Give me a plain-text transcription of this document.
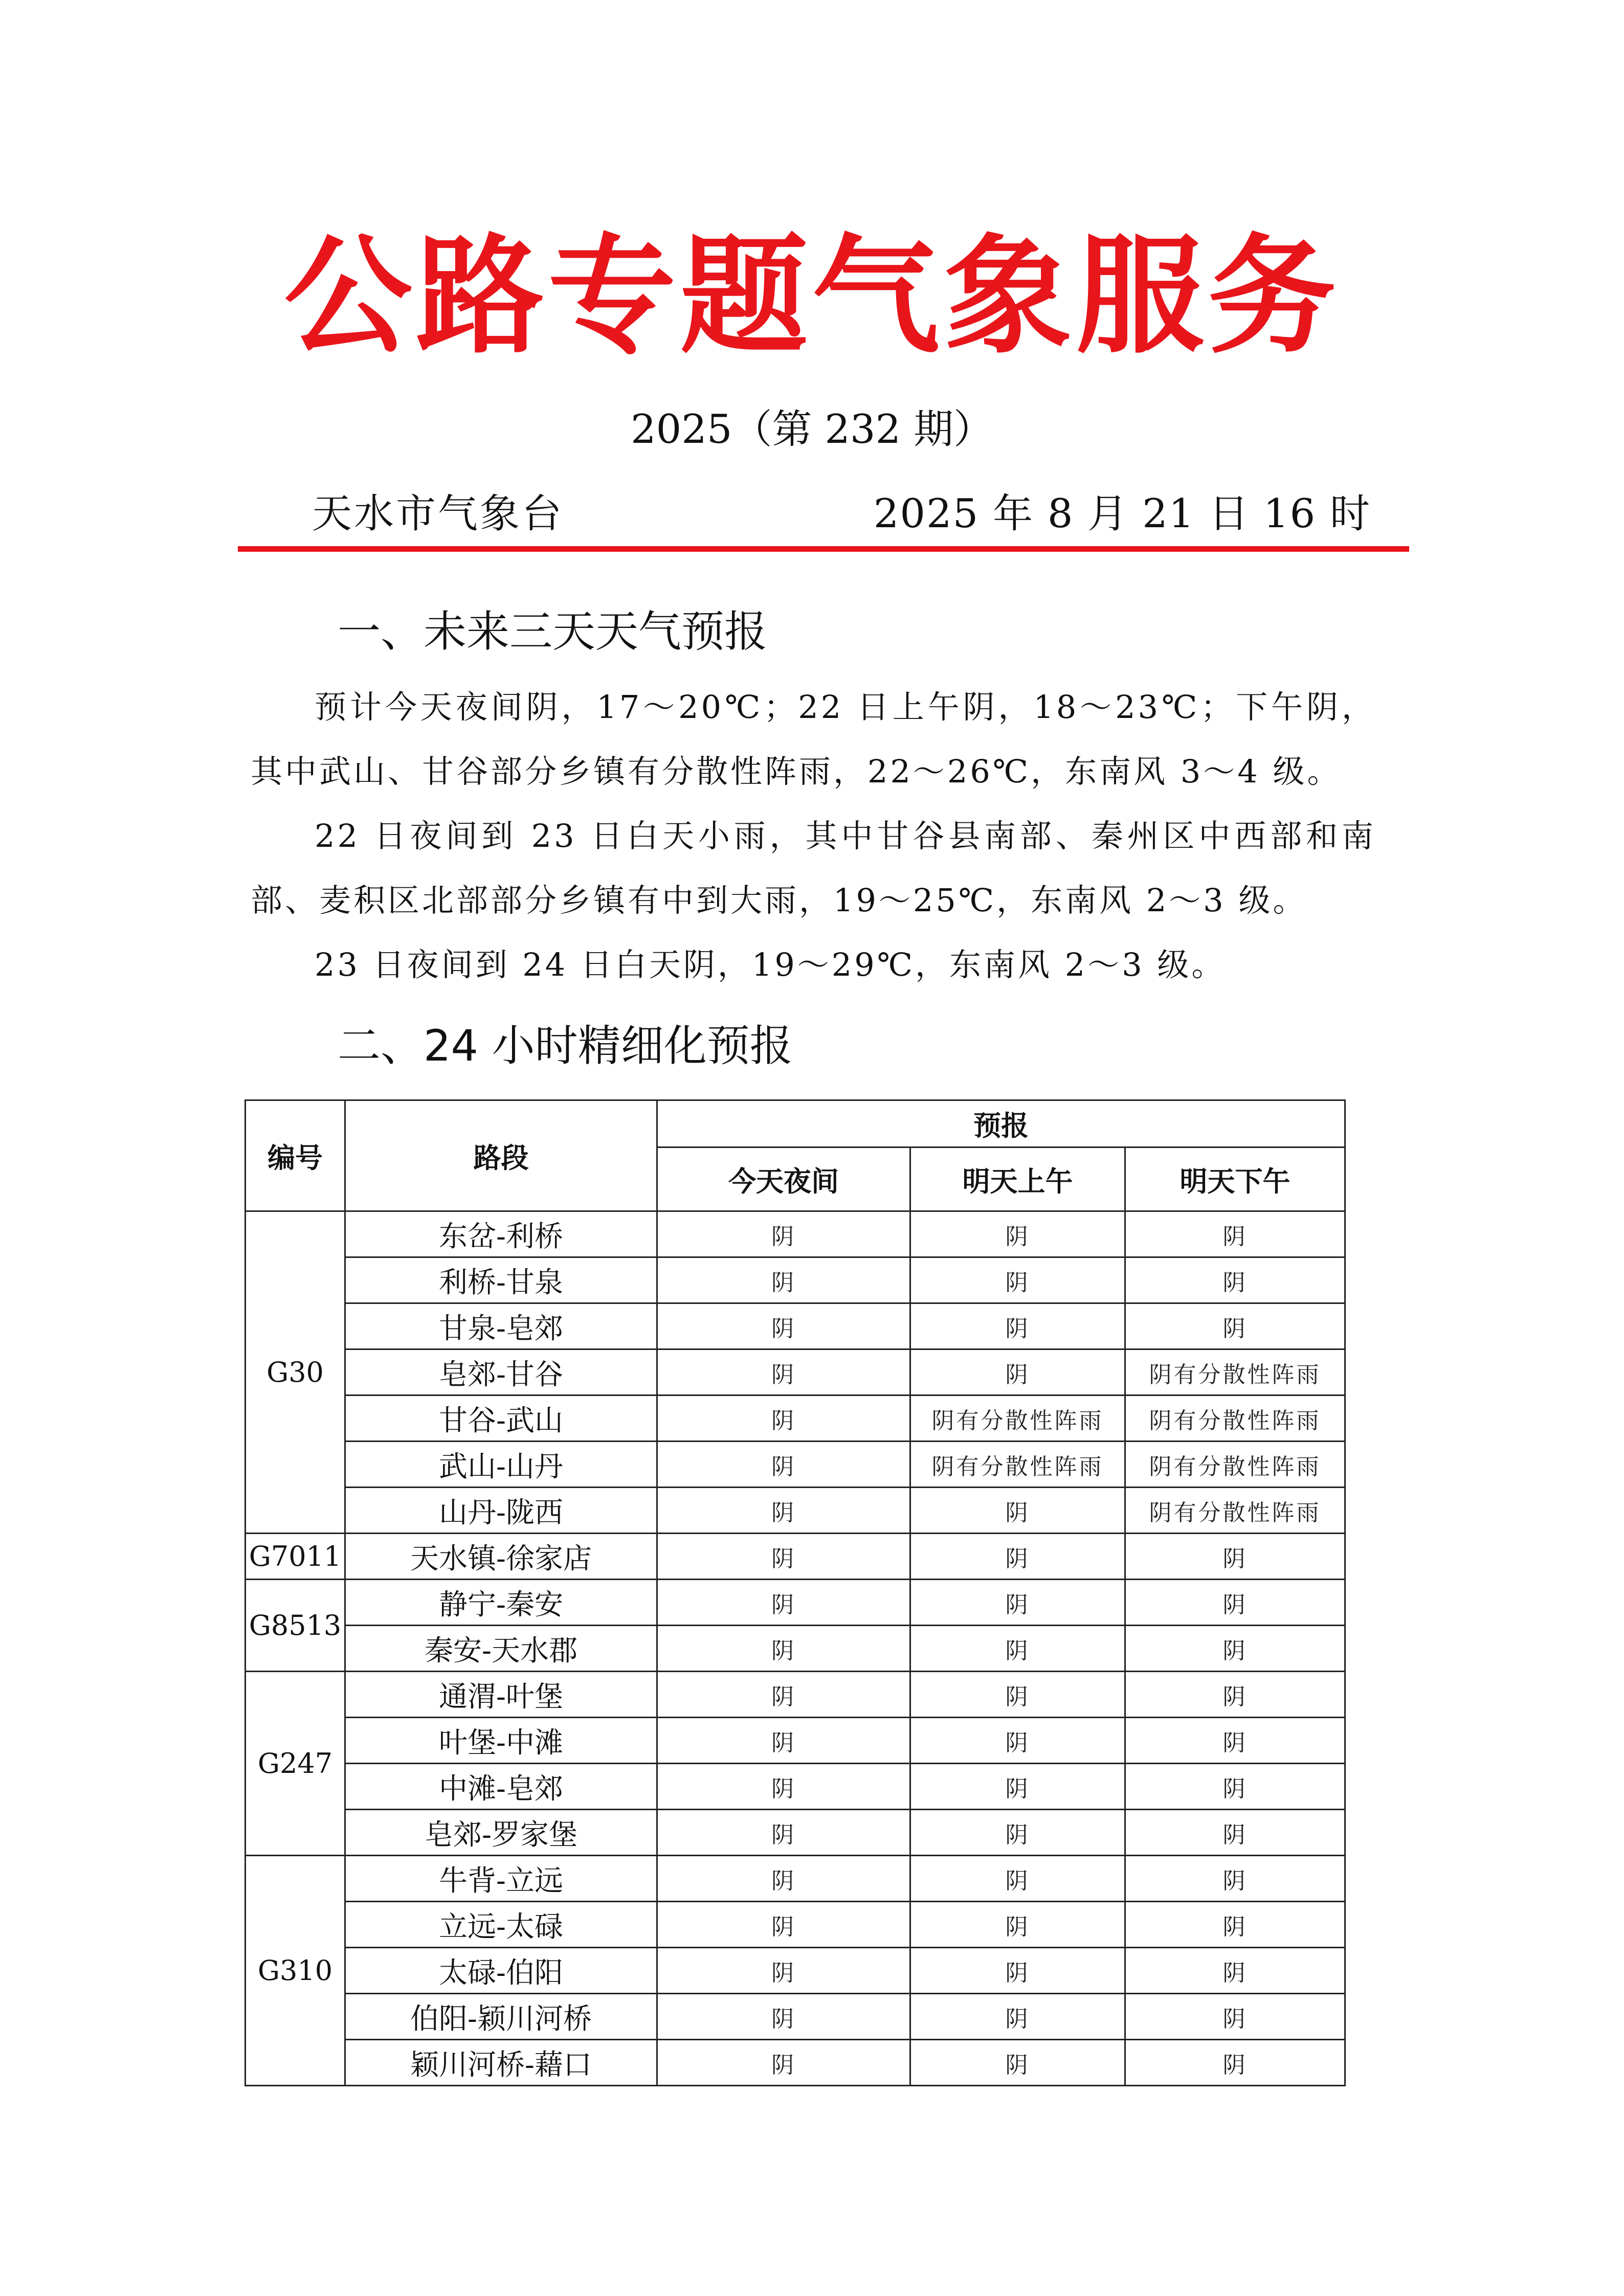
公路专题气象服务
2025（第 232 期）
天水市气象台	2025 年 8 月 21 日 16 时
一、未来三天天气预报
预计今天夜间阴，17～20℃；22 日上午阴，18～23℃；下午阴，其中武山、甘谷部分乡镇有分散性阵雨，22～26℃，东南风 3～4 级。
22 日夜间到 23 日白天小雨，其中甘谷县南部、秦州区中西部和南部、麦积区北部部分乡镇有中到大雨，19～25℃，东南风 2～3 级。
23 日夜间到 24 日白天阴，19～29℃，东南风 2～3 级。
二、24 小时精细化预报
编号	路段	预报		
		今天夜间	明天上午	明天下午
G30	东岔-利桥	阴	阴	阴
	利桥-甘泉	阴	阴	阴
	甘泉-皂郊	阴	阴	阴
	皂郊-甘谷	阴	阴	阴有分散性阵雨
	甘谷-武山	阴	阴有分散性阵雨	阴有分散性阵雨
	武山-山丹	阴	阴有分散性阵雨	阴有分散性阵雨
	山丹-陇西	阴	阴	阴有分散性阵雨
G7011	天水镇-徐家店	阴	阴	阴
G8513	静宁-秦安	阴	阴	阴
	秦安-天水郡	阴	阴	阴
G247	通渭-叶堡	阴	阴	阴
	叶堡-中滩	阴	阴	阴
	中滩-皂郊	阴	阴	阴
	皂郊-罗家堡	阴	阴	阴
G310	牛背-立远	阴	阴	阴
	立远-太碌	阴	阴	阴
	太碌-伯阳	阴	阴	阴
	伯阳-颖川河桥	阴	阴	阴
	颖川河桥-藉口	阴	阴	阴
